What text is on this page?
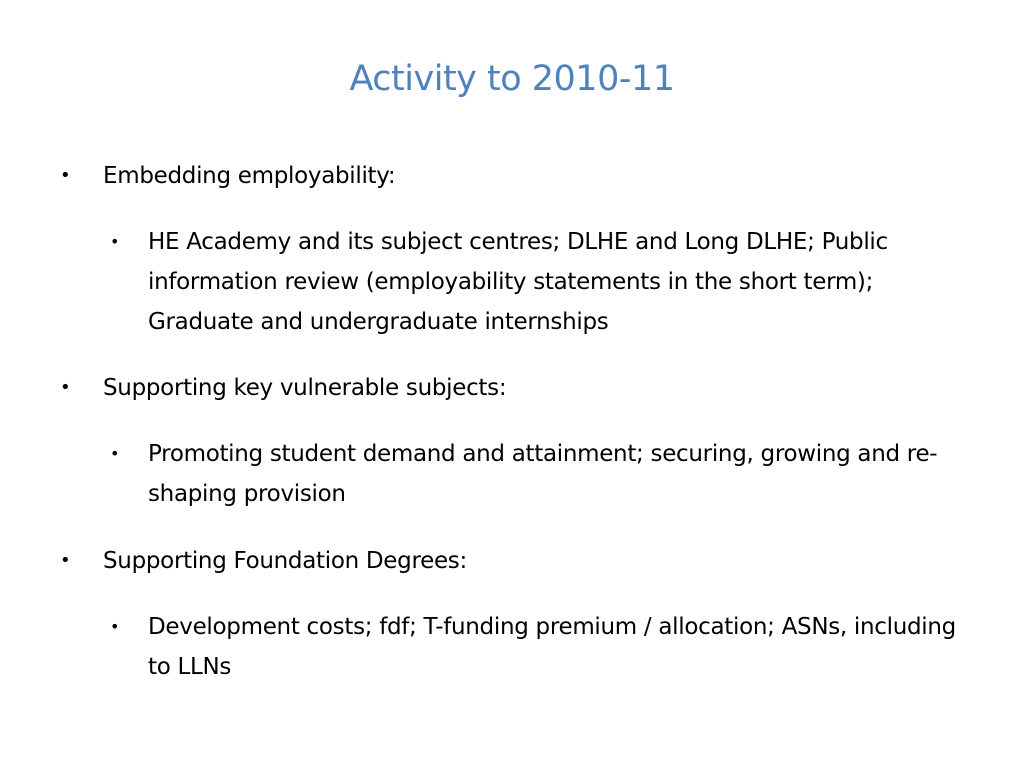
Activity to 2010-11
• Embedding employability:
• HE Academy and its subject centres; DLHE and Long DLHE; Public information review (employability statements in the short term); Graduate and undergraduate internships
• Supporting key vulnerable subjects:
• Promoting student demand and attainment; securing, growing and re-shaping provision
• Supporting Foundation Degrees:
• Development costs; fdf; T-funding premium / allocation; ASNs, including to LLNs
